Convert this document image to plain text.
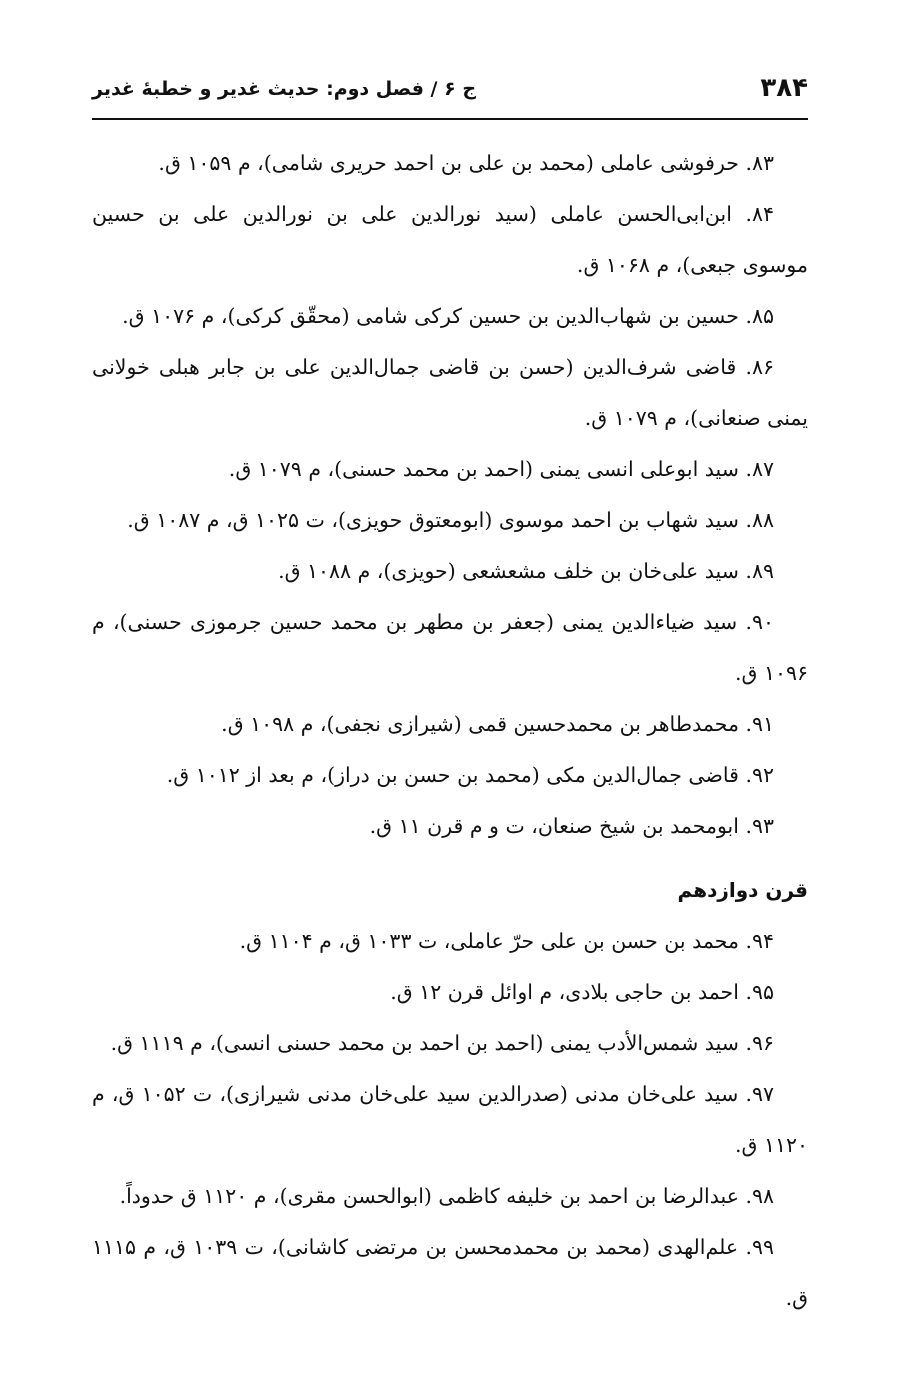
۳۸۴
ج ۶ / فصل دوم: حدیث غدیر و خطبهٔ غدیر

۸۳. حرفوشی عاملی (محمد بن علی بن احمد حریری شامی)، م ۱۰۵۹ ق.

۸۴. ابن‌ابی‌الحسن عاملی (سید نورالدین علی بن نورالدین علی بن حسین موسوی جبعی)، م ۱۰۶۸ ق.

۸۵. حسین بن شهاب‌الدین بن حسین کرکی شامی (محقّق کرکی)، م ۱۰۷۶ ق.

۸۶. قاضی شرف‌الدین (حسن بن قاضی جمال‌الدین علی بن جابر هبلی خولانی یمنی صنعانی)، م ۱۰۷۹ ق.

۸۷. سید ابوعلی انسی یمنی (احمد بن محمد حسنی)، م ۱۰۷۹ ق.

۸۸. سید شهاب بن احمد موسوی (ابومعتوق حویزی)، ت ۱۰۲۵ ق، م ۱۰۸۷ ق.

۸۹. سید علی‌خان بن خلف مشعشعی (حویزی)، م ۱۰۸۸ ق.

۹۰. سید ضیاءالدین یمنی (جعفر بن مطهر بن محمد حسین جرموزی حسنی)، م ۱۰۹۶ ق.

۹۱. محمدطاهر بن محمدحسین قمی (شیرازی نجفی)، م ۱۰۹۸ ق.

۹۲. قاضی جمال‌الدین مکی (محمد بن حسن بن دراز)، م بعد از ۱۰۱۲ ق.

۹۳. ابومحمد بن شیخ صنعان، ت و م قرن ۱۱ ق.

قرن دوازدهم

۹۴. محمد بن حسن بن علی حرّ عاملی، ت ۱۰۳۳ ق، م ۱۱۰۴ ق.

۹۵. احمد بن حاجی بلادی، م اوائل قرن ۱۲ ق.

۹۶. سید شمس‌الأدب یمنی (احمد بن احمد بن محمد حسنی انسی)، م ۱۱۱۹ ق.

۹۷. سید علی‌خان مدنی (صدرالدین سید علی‌خان مدنی شیرازی)، ت ۱۰۵۲ ق، م ۱۱۲۰ ق.

۹۸. عبدالرضا بن احمد بن خلیفه کاظمی (ابوالحسن مقری)، م ۱۱۲۰ ق حدوداً.

۹۹. علم‌الهدی (محمد بن محمدمحسن بن مرتضی کاشانی)، ت ۱۰۳۹ ق، م ۱۱۱۵ ق.
